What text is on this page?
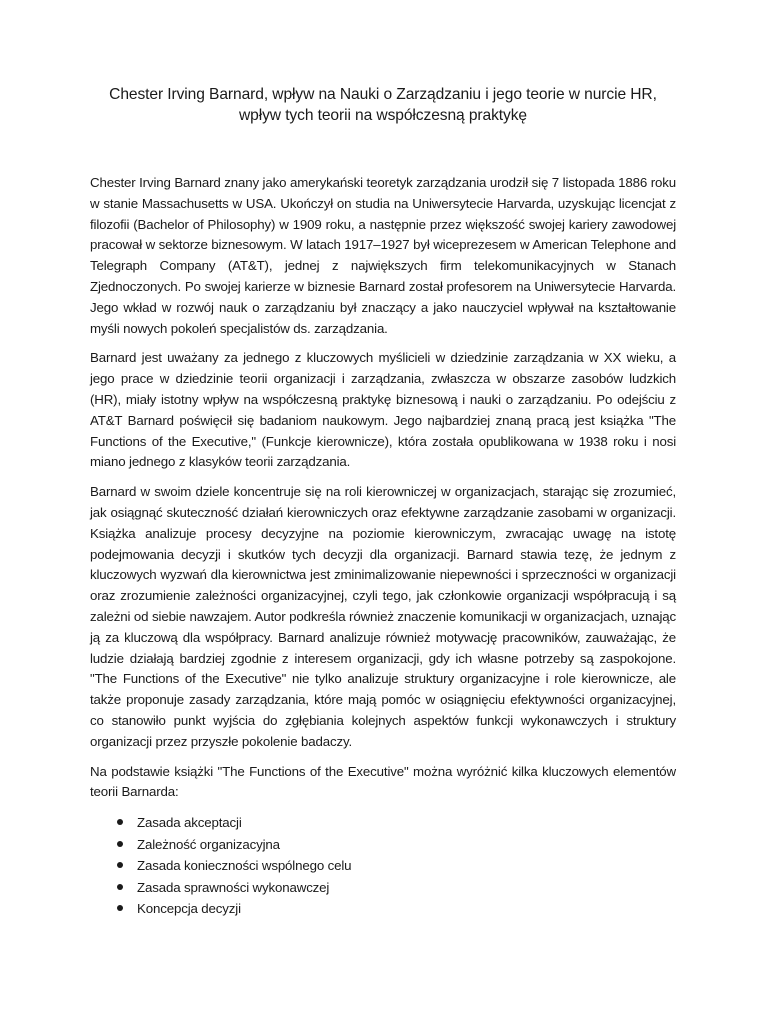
Chester Irving Barnard, wpływ na Nauki o Zarządzaniu i jego teorie w nurcie HR,
wpływ tych teorii na współczesną praktykę

Chester Irving Barnard znany jako amerykański teoretyk zarządzania urodził się 7 listopada 1886 roku w stanie Massachusetts w USA. Ukończył on studia na Uniwersytecie Harvarda, uzyskując licencjat z filozofii (Bachelor of Philosophy) w 1909 roku, a następnie przez większość swojej kariery zawodowej pracował w sektorze biznesowym. W latach 1917–1927 był wiceprezesem w American Telephone and Telegraph Company (AT&T), jednej z największych firm telekomunikacyjnych w Stanach Zjednoczonych. Po swojej karierze w biznesie Barnard został profesorem na Uniwersytecie Harvarda. Jego wkład w rozwój nauk o zarządzaniu był znaczący a jako nauczyciel wpływał na kształtowanie myśli nowych pokoleń specjalistów ds. zarządzania.

Barnard jest uważany za jednego z kluczowych myślicieli w dziedzinie zarządzania w XX wieku, a jego prace w dziedzinie teorii organizacji i zarządzania, zwłaszcza w obszarze zasobów ludzkich (HR), miały istotny wpływ na współczesną praktykę biznesową i nauki o zarządzaniu. Po odejściu z AT&T Barnard poświęcił się badaniom naukowym. Jego najbardziej znaną pracą jest książka "The Functions of the Executive," (Funkcje kierownicze), która została opublikowana w 1938 roku i nosi miano jednego z klasyków teorii zarządzania.

Barnard w swoim dziele koncentruje się na roli kierowniczej w organizacjach, starając się zrozumieć, jak osiągnąć skuteczność działań kierowniczych oraz efektywne zarządzanie zasobami w organizacji. Książka analizuje procesy decyzyjne na poziomie kierowniczym, zwracając uwagę na istotę podejmowania decyzji i skutków tych decyzji dla organizacji. Barnard stawia tezę, że jednym z kluczowych wyzwań dla kierownictwa jest zminimalizowanie niepewności i sprzeczności w organizacji oraz zrozumienie zależności organizacyjnej, czyli tego, jak członkowie organizacji współpracują i są zależni od siebie nawzajem. Autor podkreśla również znaczenie komunikacji w organizacjach, uznając ją za kluczową dla współpracy. Barnard analizuje również motywację pracowników, zauważając, że ludzie działają bardziej zgodnie z interesem organizacji, gdy ich własne potrzeby są zaspokojone. "The Functions of the Executive" nie tylko analizuje struktury organizacyjne i role kierownicze, ale także proponuje zasady zarządzania, które mają pomóc w osiągnięciu efektywności organizacyjnej, co stanowiło punkt wyjścia do zgłębiania kolejnych aspektów funkcji wykonawczych i struktury organizacji przez przyszłe pokolenie badaczy.

Na podstawie książki "The Functions of the Executive" można wyróżnić kilka kluczowych elementów teorii Barnarda:

Zasada akceptacji
Zależność organizacyjna
Zasada konieczności wspólnego celu
Zasada sprawności wykonawczej
Koncepcja decyzji
